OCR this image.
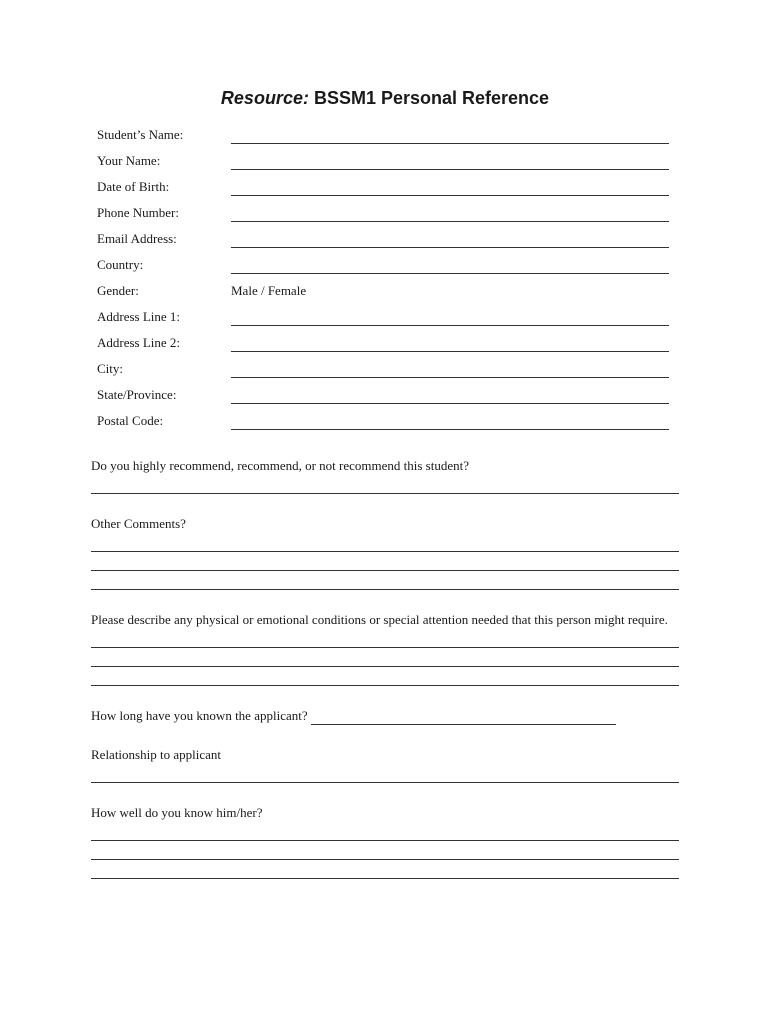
Resource: BSSM1 Personal Reference
Student’s Name:
Your Name:
Date of Birth:
Phone Number:
Email Address:
Country:
Gender:	Male / Female
Address Line 1:
Address Line 2:
City:
State/Province:
Postal Code:
Do you highly recommend, recommend, or not recommend this student?
Other Comments?
Please describe any physical or emotional conditions or special attention needed that this person might require.
How long have you known the applicant?
Relationship to applicant
How well do you know him/her?
